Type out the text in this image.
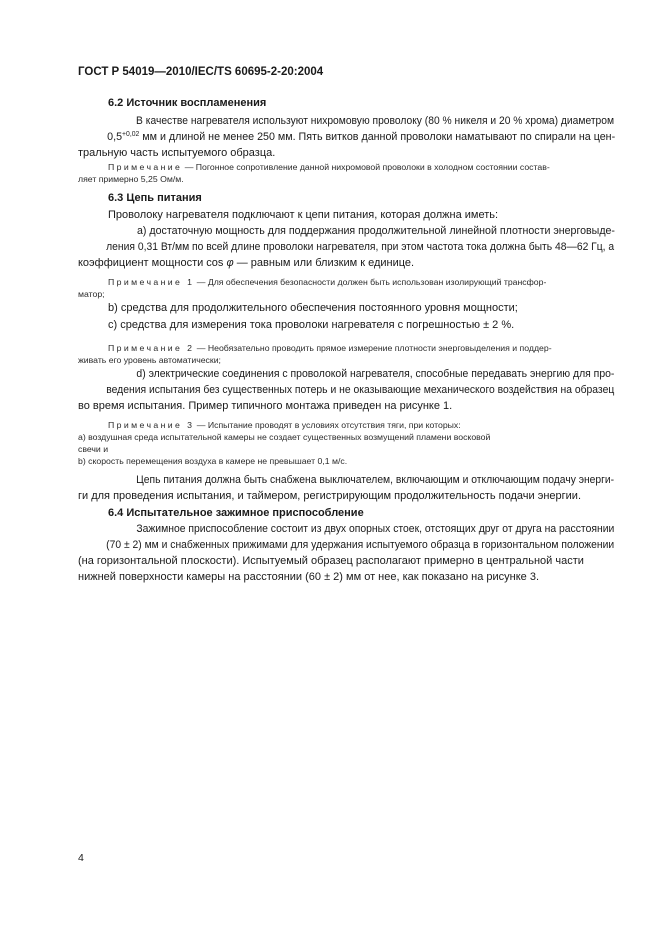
ГОСТ Р 54019—2010/IEC/TS 60695-2-20:2004

6.2 Источник воспламенения

В качестве нагревателя используют нихромовую проволоку (80 % никеля и 20 % хрома) диаметром
$0,5^{+0,02}$ мм и длиной не менее 250 мм. Пять витков данной проволоки наматывают по спирали на цен-
тральную часть испытуемого образца.

Примечание — Погонное сопротивление данной нихромовой проволоки в холодном состоянии состав-
ляет примерно 5,25 Ом/м.

6.3 Цепь питания

Проволоку нагревателя подключают к цепи питания, которая должна иметь:

a) достаточную мощность для поддержания продолжительной линейной плотности энерговыде-
ления 0,31 Вт/мм по всей длине проволоки нагревателя, при этом частота тока должна быть 48—62 Гц, а
коэффициент мощности cos φ — равным или близким к единице.

Примечание 1 — Для обеспечения безопасности должен быть использован изолирующий трансфор-
матор;

b) средства для продолжительного обеспечения постоянного уровня мощности;

c) средства для измерения тока проволоки нагревателя с погрешностью ± 2 %.

Примечание 2 — Необязательно проводить прямое измерение плотности энерговыделения и поддер-
живать его уровень автоматически;

d) электрические соединения с проволокой нагревателя, способные передавать энергию для про-
ведения испытания без существенных потерь и не оказывающие механического воздействия на образец
во время испытания. Пример типичного монтажа приведен на рисунке 1.

Примечание 3 — Испытание проводят в условиях отсутствия тяги, при которых:
a) воздушная среда испытательной камеры не создает существенных возмущений пламени восковой
свечи и
b) скорость перемещения воздуха в камере не превышает 0,1 м/с.

Цепь питания должна быть снабжена выключателем, включающим и отключающим подачу энерги-
ги для проведения испытания, и таймером, регистрирующим продолжительность подачи энергии.

6.4 Испытательное зажимное приспособление

Зажимное приспособление состоит из двух опорных стоек, отстоящих друг от друга на расстоянии
(70 ± 2) мм и снабженных прижимами для удержания испытуемого образца в горизонтальном положении
(на горизонтальной плоскости). Испытуемый образец располагают примерно в центральной части
нижней поверхности камеры на расстоянии (60 ± 2) мм от нее, как показано на рисунке 3.

4
